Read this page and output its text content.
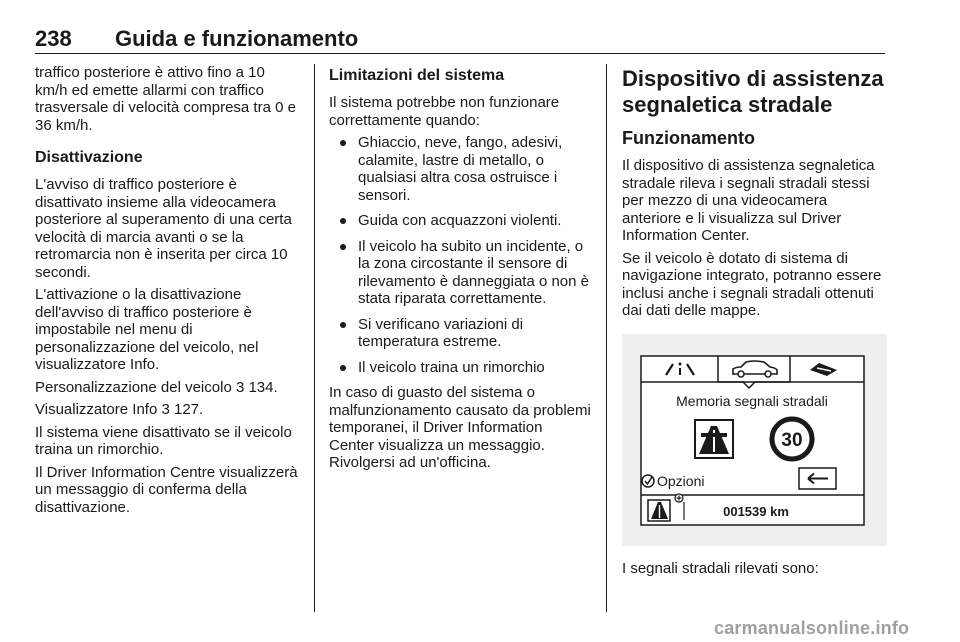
238 Guida e funzionamento

traffico posteriore è attivo fino a 10 km/h ed emette allarmi con traffico trasversale di velocità compresa tra 0 e 36 km/h.

Disattivazione

L'avviso di traffico posteriore è disattivato insieme alla videocamera posteriore al superamento di una certa velocità di marcia avanti o se la retromarcia non è inserita per circa 10 secondi.

L'attivazione o la disattivazione dell'avviso di traffico posteriore è impostabile nel menu di personalizzazione del veicolo, nel visualizzatore Info.

Personalizzazione del veicolo 3 134.

Visualizzatore Info 3 127.

Il sistema viene disattivato se il veicolo traina un rimorchio.

Il Driver Information Centre visualizzerà un messaggio di conferma della disattivazione.

Limitazioni del sistema

Il sistema potrebbe non funzionare correttamente quando:

Ghiaccio, neve, fango, adesivi, calamite, lastre di metallo, o qualsiasi altra cosa ostruisce i sensori.
Guida con acquazzoni violenti.
Il veicolo ha subito un incidente, o la zona circostante il sensore di rilevamento è danneggiata o non è stata riparata correttamente.
Si verificano variazioni di temperatura estreme.
Il veicolo traina un rimorchio

In caso di guasto del sistema o malfunzionamento causato da problemi temporanei, il Driver Information Center visualizza un messaggio. Rivolgersi ad un'officina.

Dispositivo di assistenza segnaletica stradale
Funzionamento

Il dispositivo di assistenza segnaletica stradale rileva i segnali stradali stessi per mezzo di una videocamera anteriore e li visualizza sul Driver Information Center.

Se il veicolo è dotato di sistema di navigazione integrato, potranno essere inclusi anche i segnali stradali ottenuti dai dati delle mappe.

Memoria segnali stradali
30
Opzioni
001539 km

I segnali stradali rilevati sono:

carmanualsonline.info
